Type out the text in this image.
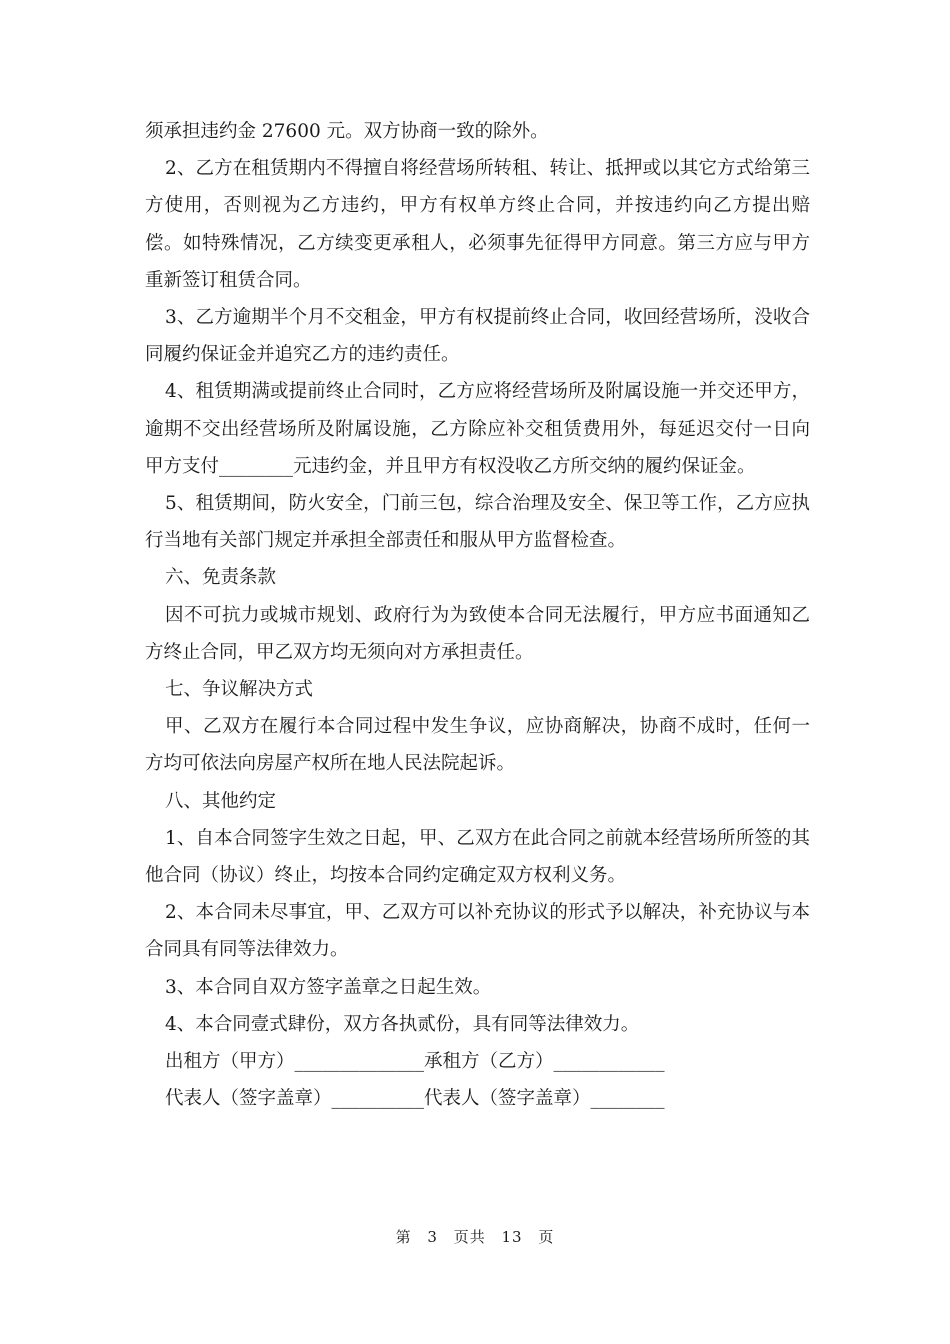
须承担违约金 27600 元。双方协商一致的除外。

2、乙方在租赁期内不得擅自将经营场所转租、转让、抵押或以其它方式给第三方使用，否则视为乙方违约，甲方有权单方终止合同，并按违约向乙方提出赔偿。如特殊情况，乙方续变更承租人，必须事先征得甲方同意。第三方应与甲方重新签订租赁合同。

3、乙方逾期半个月不交租金，甲方有权提前终止合同，收回经营场所，没收合同履约保证金并追究乙方的违约责任。

4、租赁期满或提前终止合同时，乙方应将经营场所及附属设施一并交还甲方，逾期不交出经营场所及附属设施，乙方除应补交租赁费用外，每延迟交付一日向甲方支付________元违约金，并且甲方有权没收乙方所交纳的履约保证金。

5、租赁期间，防火安全，门前三包，综合治理及安全、保卫等工作，乙方应执行当地有关部门规定并承担全部责任和服从甲方监督检查。

六、免责条款

因不可抗力或城市规划、政府行为为致使本合同无法履行，甲方应书面通知乙方终止合同，甲乙双方均无须向对方承担责任。

七、争议解决方式

甲、乙双方在履行本合同过程中发生争议，应协商解决，协商不成时，任何一方均可依法向房屋产权所在地人民法院起诉。

八、其他约定

1、自本合同签字生效之日起，甲、乙双方在此合同之前就本经营场所所签的其他合同（协议）终止，均按本合同约定确定双方权利义务。

2、本合同未尽事宜，甲、乙双方可以补充协议的形式予以解决，补充协议与本合同具有同等法律效力。

3、本合同自双方签字盖章之日起生效。

4、本合同壹式肆份，双方各执贰份，具有同等法律效力。

出租方（甲方）______________承租方（乙方）____________

代表人（签字盖章）__________代表人（签字盖章）________

第 3 页共 13 页
